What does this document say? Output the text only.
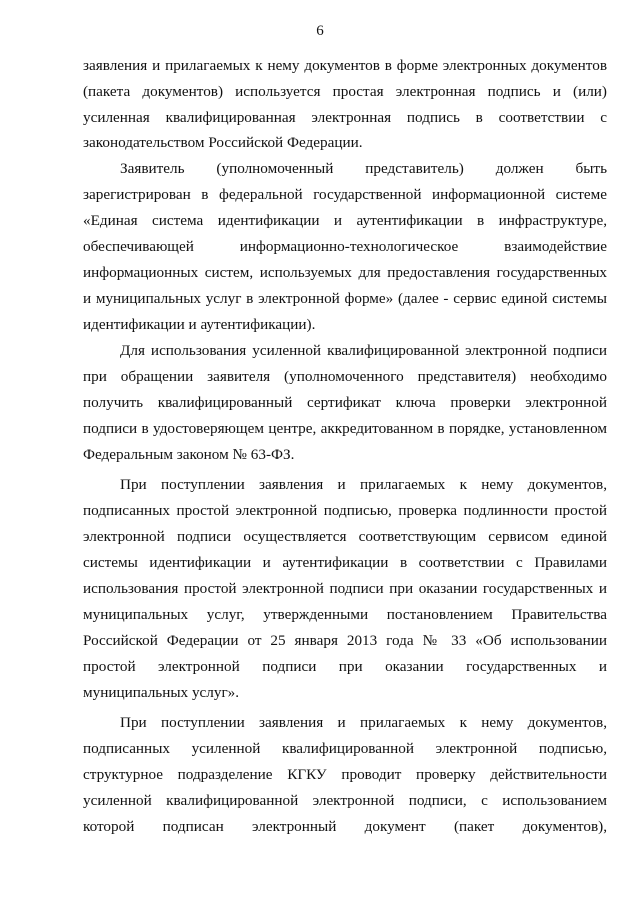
6
заявления и прилагаемых к нему документов в форме электронных документов
(пакета документов) используется простая электронная подпись и (или)
усиленная квалифицированная электронная подпись в соответствии с
законодательством Российской Федерации.
Заявитель (уполномоченный представитель) должен быть
зарегистрирован в федеральной государственной информационной системе
«Единая система идентификации и аутентификации в инфраструктуре,
обеспечивающей информационно-технологическое взаимодействие
информационных систем, используемых для предоставления государственных
и муниципальных услуг в электронной форме» (далее - сервис единой системы
идентификации и аутентификации).
Для использования усиленной квалифицированной электронной подписи
при обращении заявителя (уполномоченного представителя) необходимо
получить квалифицированный сертификат ключа проверки электронной
подписи в удостоверяющем центре, аккредитованном в порядке, установленном
Федеральным законом № 63-ФЗ.
При поступлении заявления и прилагаемых к нему документов,
подписанных простой электронной подписью, проверка подлинности простой
электронной подписи осуществляется соответствующим сервисом единой
системы идентификации и аутентификации в соответствии с Правилами
использования простой электронной подписи при оказании государственных и
муниципальных услуг, утвержденными постановлением Правительства
Российской Федерации от 25 января 2013 года № 33 «Об использовании
простой электронной подписи при оказании государственных и
муниципальных услуг».
При поступлении заявления и прилагаемых к нему документов,
подписанных усиленной квалифицированной электронной подписью,
структурное подразделение КГКУ проводит проверку действительности
усиленной квалифицированной электронной подписи, с использованием
которой подписан электронный документ (пакет документов),
